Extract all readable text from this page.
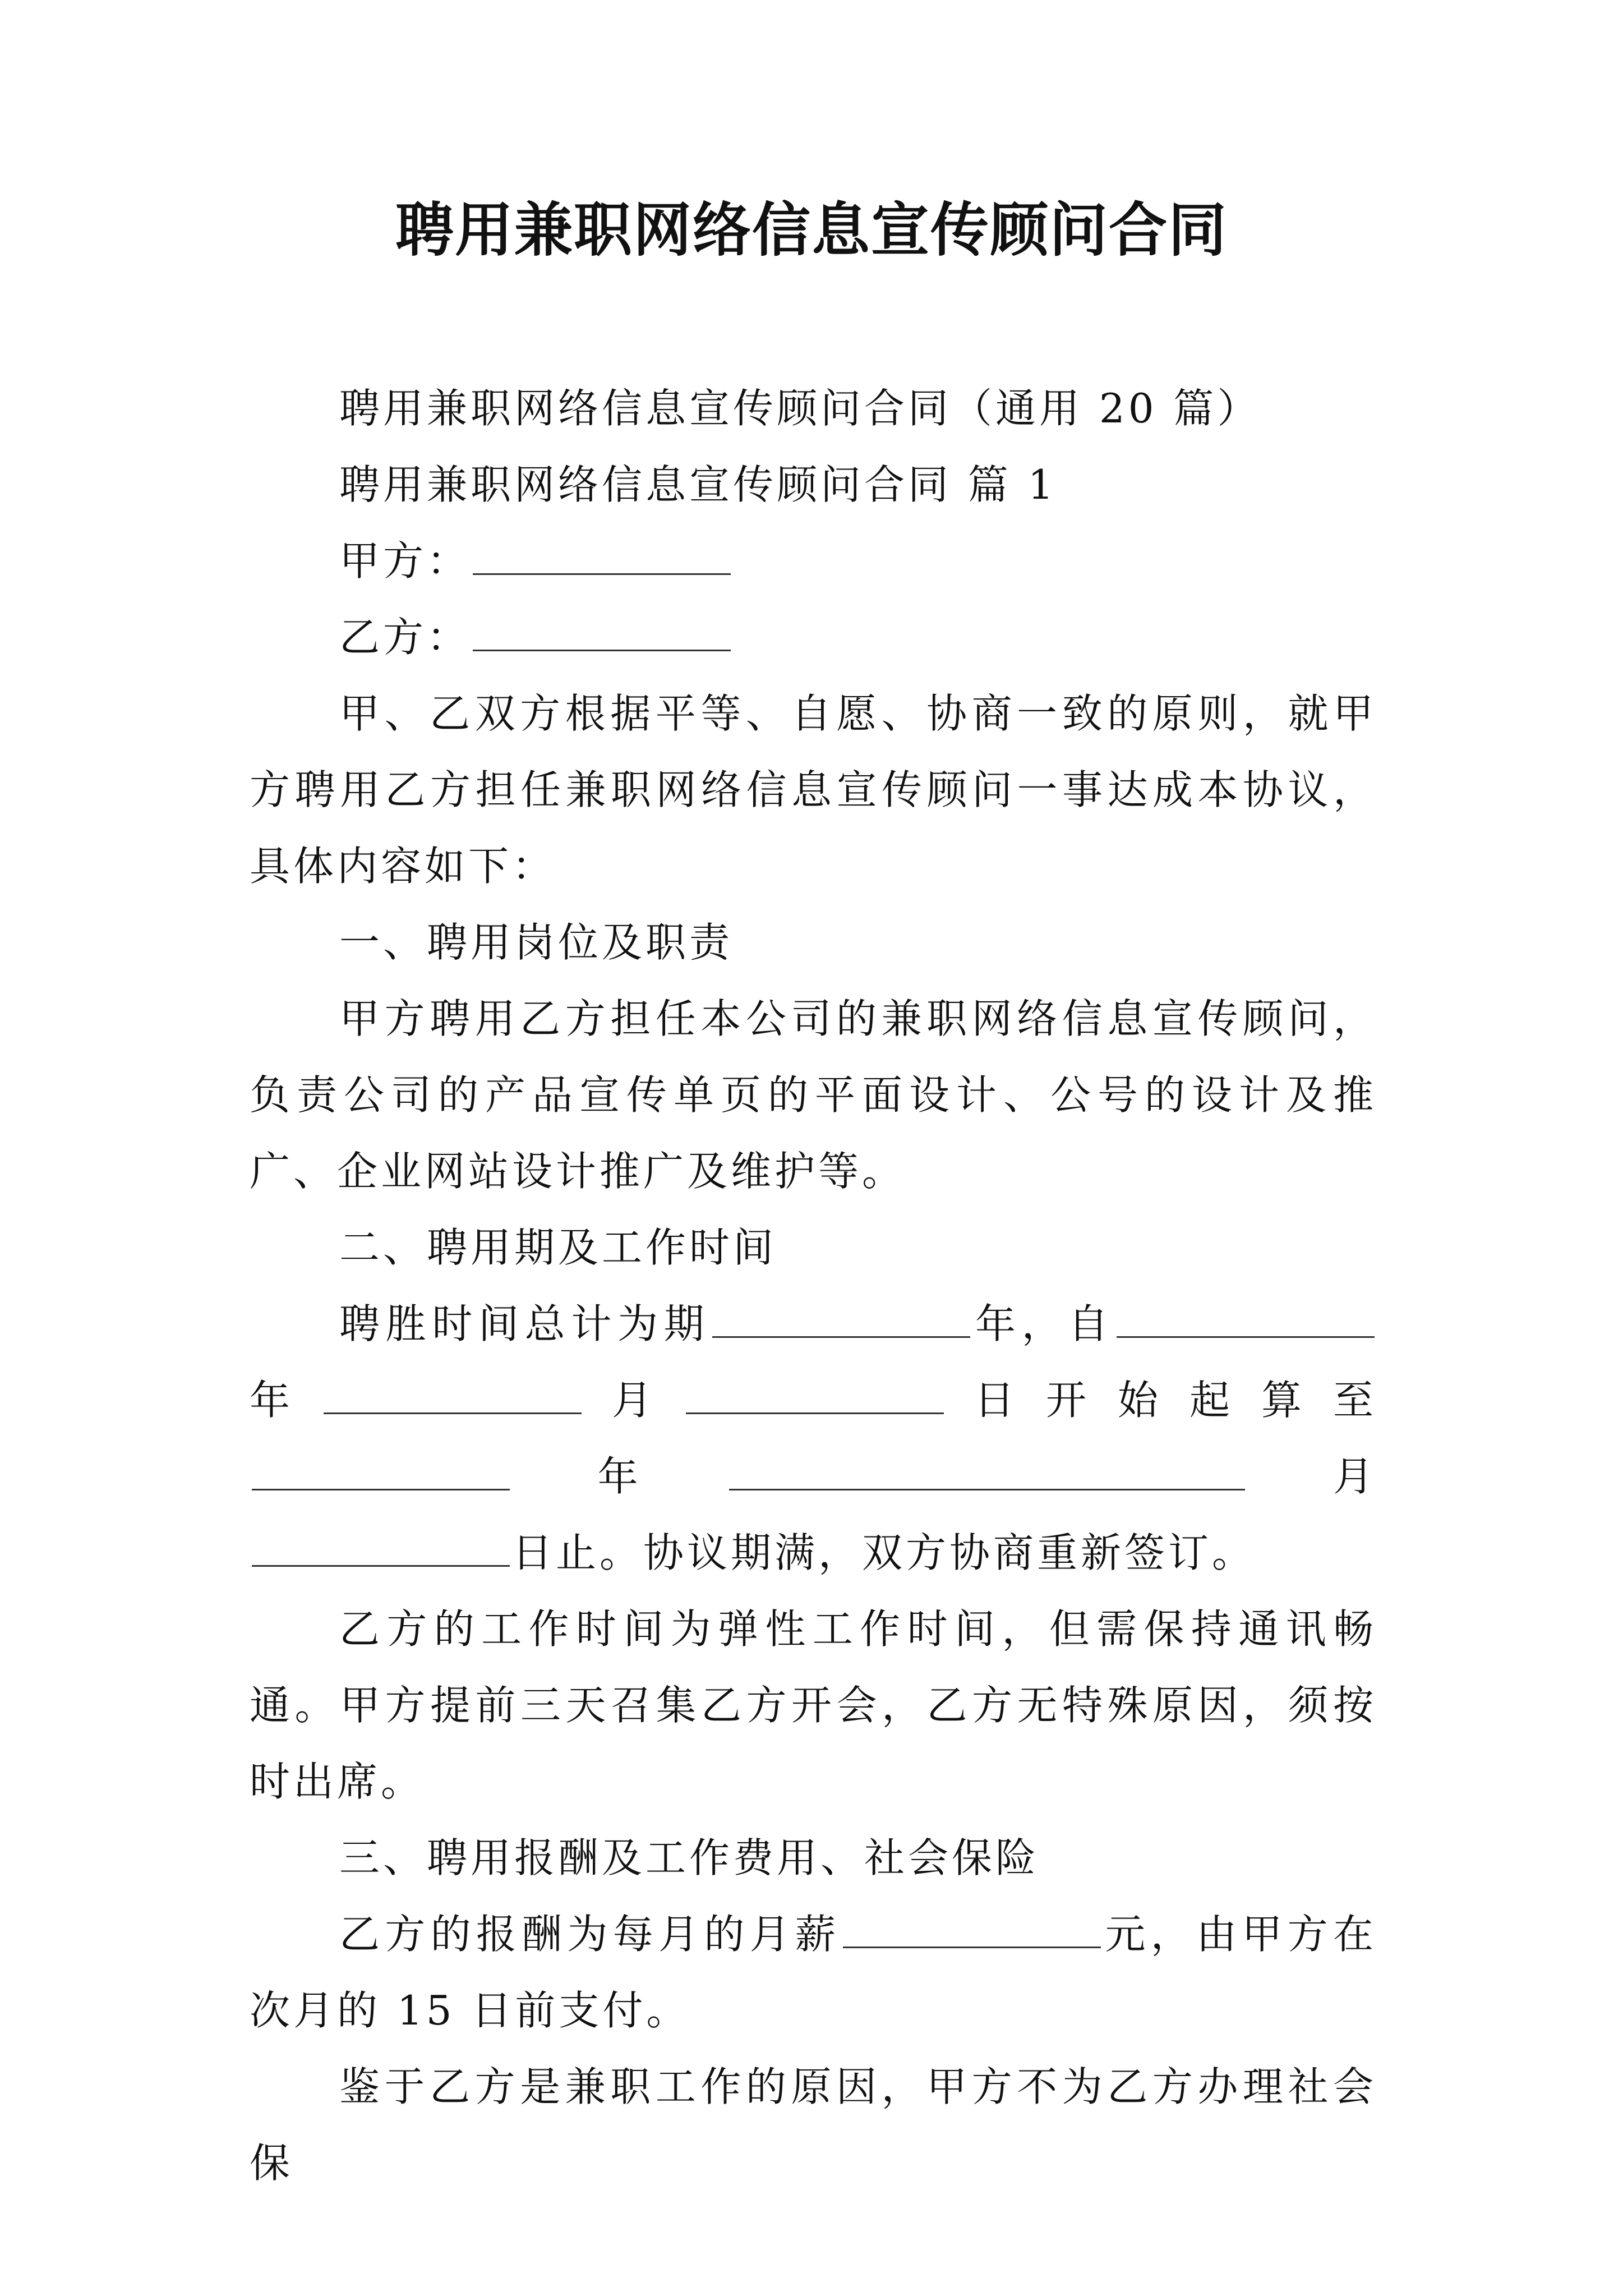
聘用兼职网络信息宣传顾问合同

聘用兼职网络信息宣传顾问合同（通用 20 篇）

聘用兼职网络信息宣传顾问合同 篇 1

甲方：

乙方：

甲、乙双方根据平等、自愿、协商一致的原则，就甲方聘用乙方担任兼职网络信息宣传顾问一事达成本协议，具体内容如下：

一、聘用岗位及职责

甲方聘用乙方担任本公司的兼职网络信息宣传顾问，负责公司的产品宣传单页的平面设计、公号的设计及推广、企业网站设计推广及维护等。

二、聘用期及工作时间

聘胜时间总计为期	年，自年	月	日开始起算至年	月日止。协议期满，双方协商重新签订。

乙方的工作时间为弹性工作时间，但需保持通讯畅通。甲方提前三天召集乙方开会，乙方无特殊原因，须按时出席。

三、聘用报酬及工作费用、社会保险

乙方的报酬为每月的月薪	元，由甲方在次月的 15 日前支付。

鉴于乙方是兼职工作的原因，甲方不为乙方办理社会保
